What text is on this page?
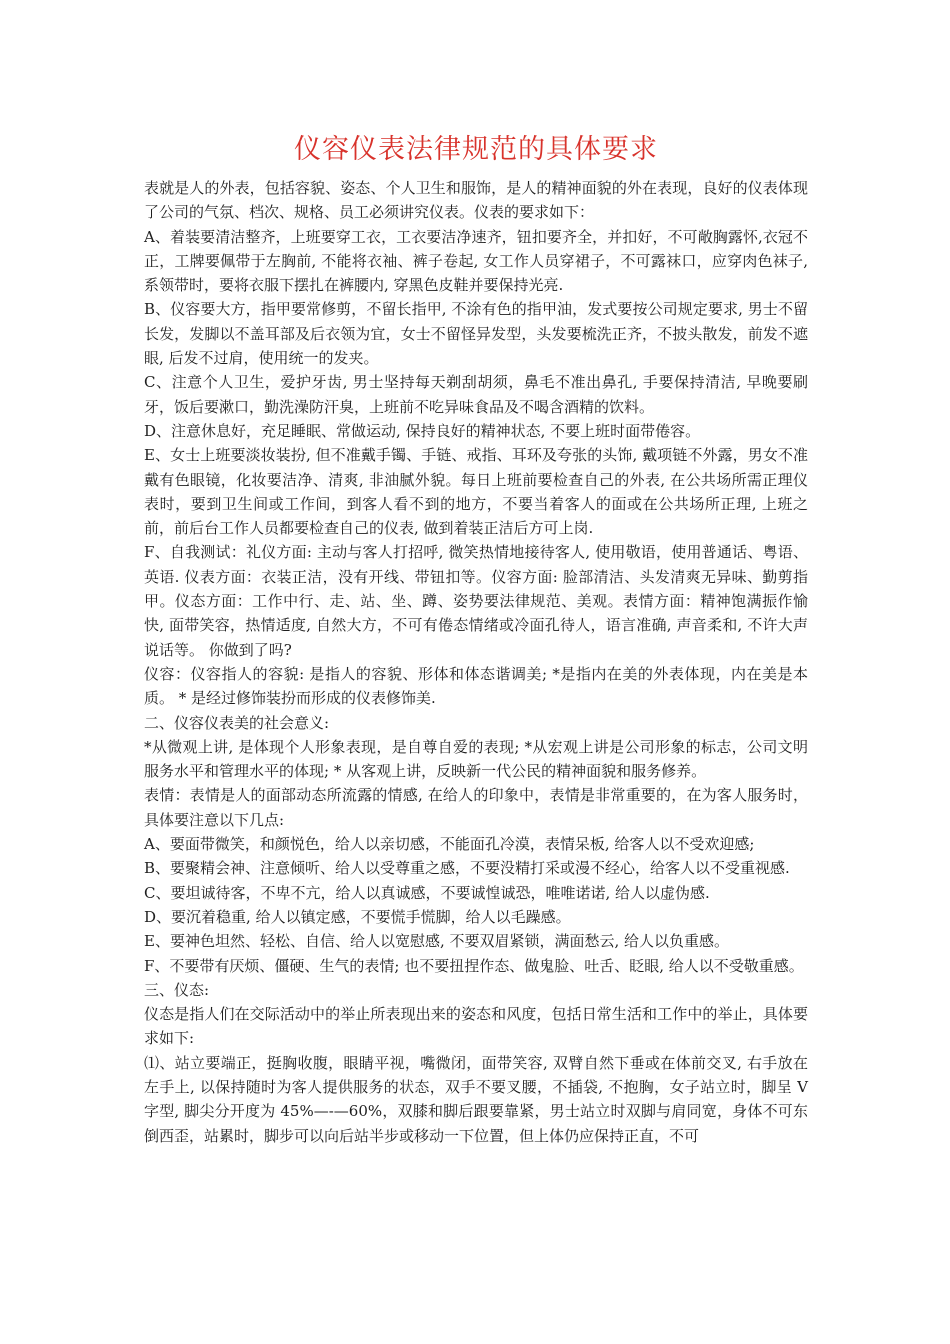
仪容仪表法律规范的具体要求

表就是人的外表，包括容貌、姿态、个人卫生和服饰，是人的精神面貌的外在表现，良好的仪表体现了公司的气氛、档次、规格、员工必须讲究仪表。仪表的要求如下：

A、着装要清洁整齐，上班要穿工衣，工衣要洁净速齐，钮扣要齐全，并扣好，不可敞胸露怀,衣冠不正，工牌要佩带于左胸前, 不能将衣袖、裤子卷起, 女工作人员穿裙子，不可露袜口，应穿肉色袜子, 系领带时，要将衣服下摆扎在裤腰内, 穿黑色皮鞋并要保持光亮.

B、仪容要大方，指甲要常修剪，不留长指甲, 不涂有色的指甲油，发式要按公司规定要求, 男士不留长发，发脚以不盖耳部及后衣领为宜，女士不留怪异发型，头发要梳洗正齐，不披头散发，前发不遮眼, 后发不过肩，使用统一的发夹。

C、注意个人卫生，爱护牙齿, 男士坚持每天剃刮胡须，鼻毛不准出鼻孔, 手要保持清洁, 早晚要刷牙，饭后要漱口，勤洗澡防汗臭，上班前不吃异味食品及不喝含酒精的饮料。

D、注意休息好，充足睡眠、常做运动, 保持良好的精神状态, 不要上班时面带倦容。

E、女士上班要淡妆装扮, 但不准戴手镯、手链、戒指、耳环及夸张的头饰, 戴项链不外露，男女不准戴有色眼镜，化妆要洁净、清爽, 非油腻外貌。每日上班前要检查自己的外表, 在公共场所需正理仪表时，要到卫生间或工作间，到客人看不到的地方，不要当着客人的面或在公共场所正理, 上班之前，前后台工作人员都要检查自己的仪表, 做到着装正洁后方可上岗.

F、自我测试：礼仪方面: 主动与客人打招呼, 微笑热情地接待客人, 使用敬语，使用普通话、粤语、英语. 仪表方面：衣装正洁，没有开线、带钮扣等。仪容方面: 脸部清洁、头发清爽无异味、勤剪指甲。仪态方面：工作中行、走、站、坐、蹲、姿势要法律规范、美观。表情方面：精神饱满振作愉快, 面带笑容，热情适度, 自然大方，不可有倦态情绪或冷面孔待人，语言准确, 声音柔和, 不许大声说话等。 你做到了吗?

仪容：仪容指人的容貌: 是指人的容貌、形体和体态谐调美; *是指内在美的外表体现，内在美是本质。 * 是经过修饰装扮而形成的仪表修饰美.

二、仪容仪表美的社会意义:

*从微观上讲, 是体现个人形象表现，是自尊自爱的表现; *从宏观上讲是公司形象的标志，公司文明服务水平和管理水平的体现; * 从客观上讲，反映新一代公民的精神面貌和服务修养。

表情：表情是人的面部动态所流露的情感, 在给人的印象中，表情是非常重要的，在为客人服务时，具体要注意以下几点:

A、要面带微笑，和颜悦色，给人以亲切感，不能面孔冷漠，表情呆板, 给客人以不受欢迎感;

B、要聚精会神、注意倾听、给人以受尊重之感，不要没精打采或漫不经心，给客人以不受重视感.

C、要坦诚待客，不卑不亢，给人以真诚感，不要诚惶诚恐，唯唯诺诺, 给人以虚伪感.

D、要沉着稳重, 给人以镇定感，不要慌手慌脚，给人以毛躁感。

E、要神色坦然、轻松、自信、给人以宽慰感, 不要双眉紧锁，满面愁云, 给人以负重感。

F、不要带有厌烦、僵硬、生气的表情; 也不要扭捏作态、做鬼脸、吐舌、眨眼, 给人以不受敬重感。

三、仪态:

仪态是指人们在交际活动中的举止所表现出来的姿态和风度，包括日常生活和工作中的举止，具体要求如下:

⑴、站立要端正，挺胸收腹，眼睛平视，嘴微闭，面带笑容, 双臂自然下垂或在体前交叉, 右手放在左手上, 以保持随时为客人提供服务的状态，双手不要叉腰，不插袋, 不抱胸，女子站立时，脚呈 V 字型, 脚尖分开度为 45%—-—60%，双膝和脚后跟要靠紧，男士站立时双脚与肩同宽，身体不可东倒西歪，站累时，脚步可以向后站半步或移动一下位置，但上体仍应保持正直，不可
